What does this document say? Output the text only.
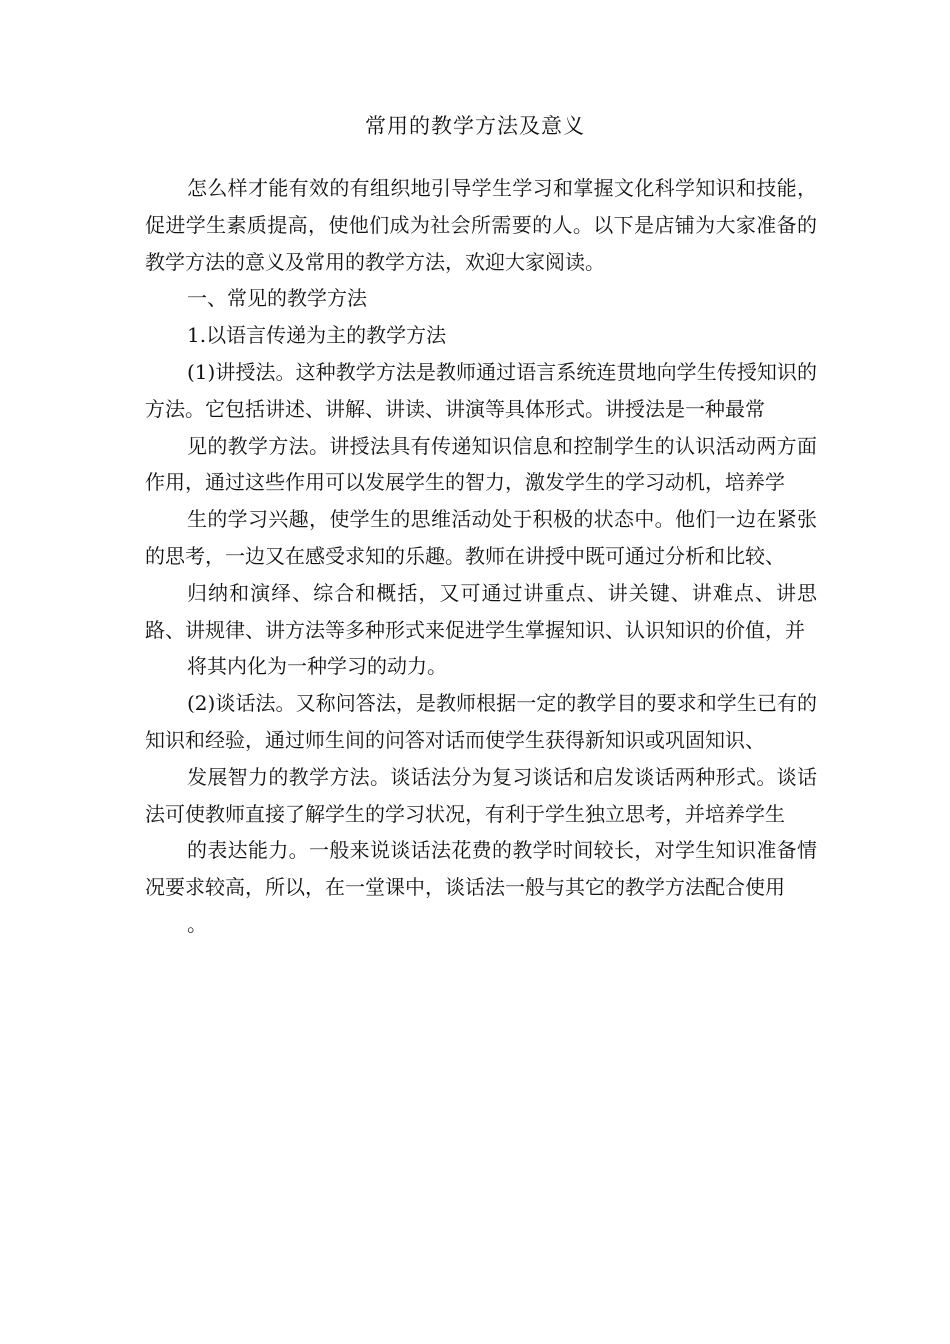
常用的教学方法及意义

怎么样才能有效的有组织地引导学生学习和掌握文化科学知识和技能，促进学生素质提高，使他们成为社会所需要的人。以下是店铺为大家准备的教学方法的意义及常用的教学方法，欢迎大家阅读。

一、常见的教学方法

1.以语言传递为主的教学方法

(1)讲授法。这种教学方法是教师通过语言系统连贯地向学生传授知识的方法。它包括讲述、讲解、讲读、讲演等具体形式。讲授法是一种最常

见的教学方法。讲授法具有传递知识信息和控制学生的认识活动两方面作用，通过这些作用可以发展学生的智力，激发学生的学习动机，培养学

生的学习兴趣，使学生的思维活动处于积极的状态中。他们一边在紧张的思考，一边又在感受求知的乐趣。教师在讲授中既可通过分析和比较、

归纳和演绎、综合和概括，又可通过讲重点、讲关键、讲难点、讲思路、讲规律、讲方法等多种形式来促进学生掌握知识、认识知识的价值，并

将其内化为一种学习的动力。

(2)谈话法。又称问答法，是教师根据一定的教学目的要求和学生已有的知识和经验，通过师生间的问答对话而使学生获得新知识或巩固知识、

发展智力的教学方法。谈话法分为复习谈话和启发谈话两种形式。谈话法可使教师直接了解学生的学习状况，有利于学生独立思考，并培养学生

的表达能力。一般来说谈话法花费的教学时间较长，对学生知识准备情况要求较高，所以，在一堂课中，谈话法一般与其它的教学方法配合使用

。
